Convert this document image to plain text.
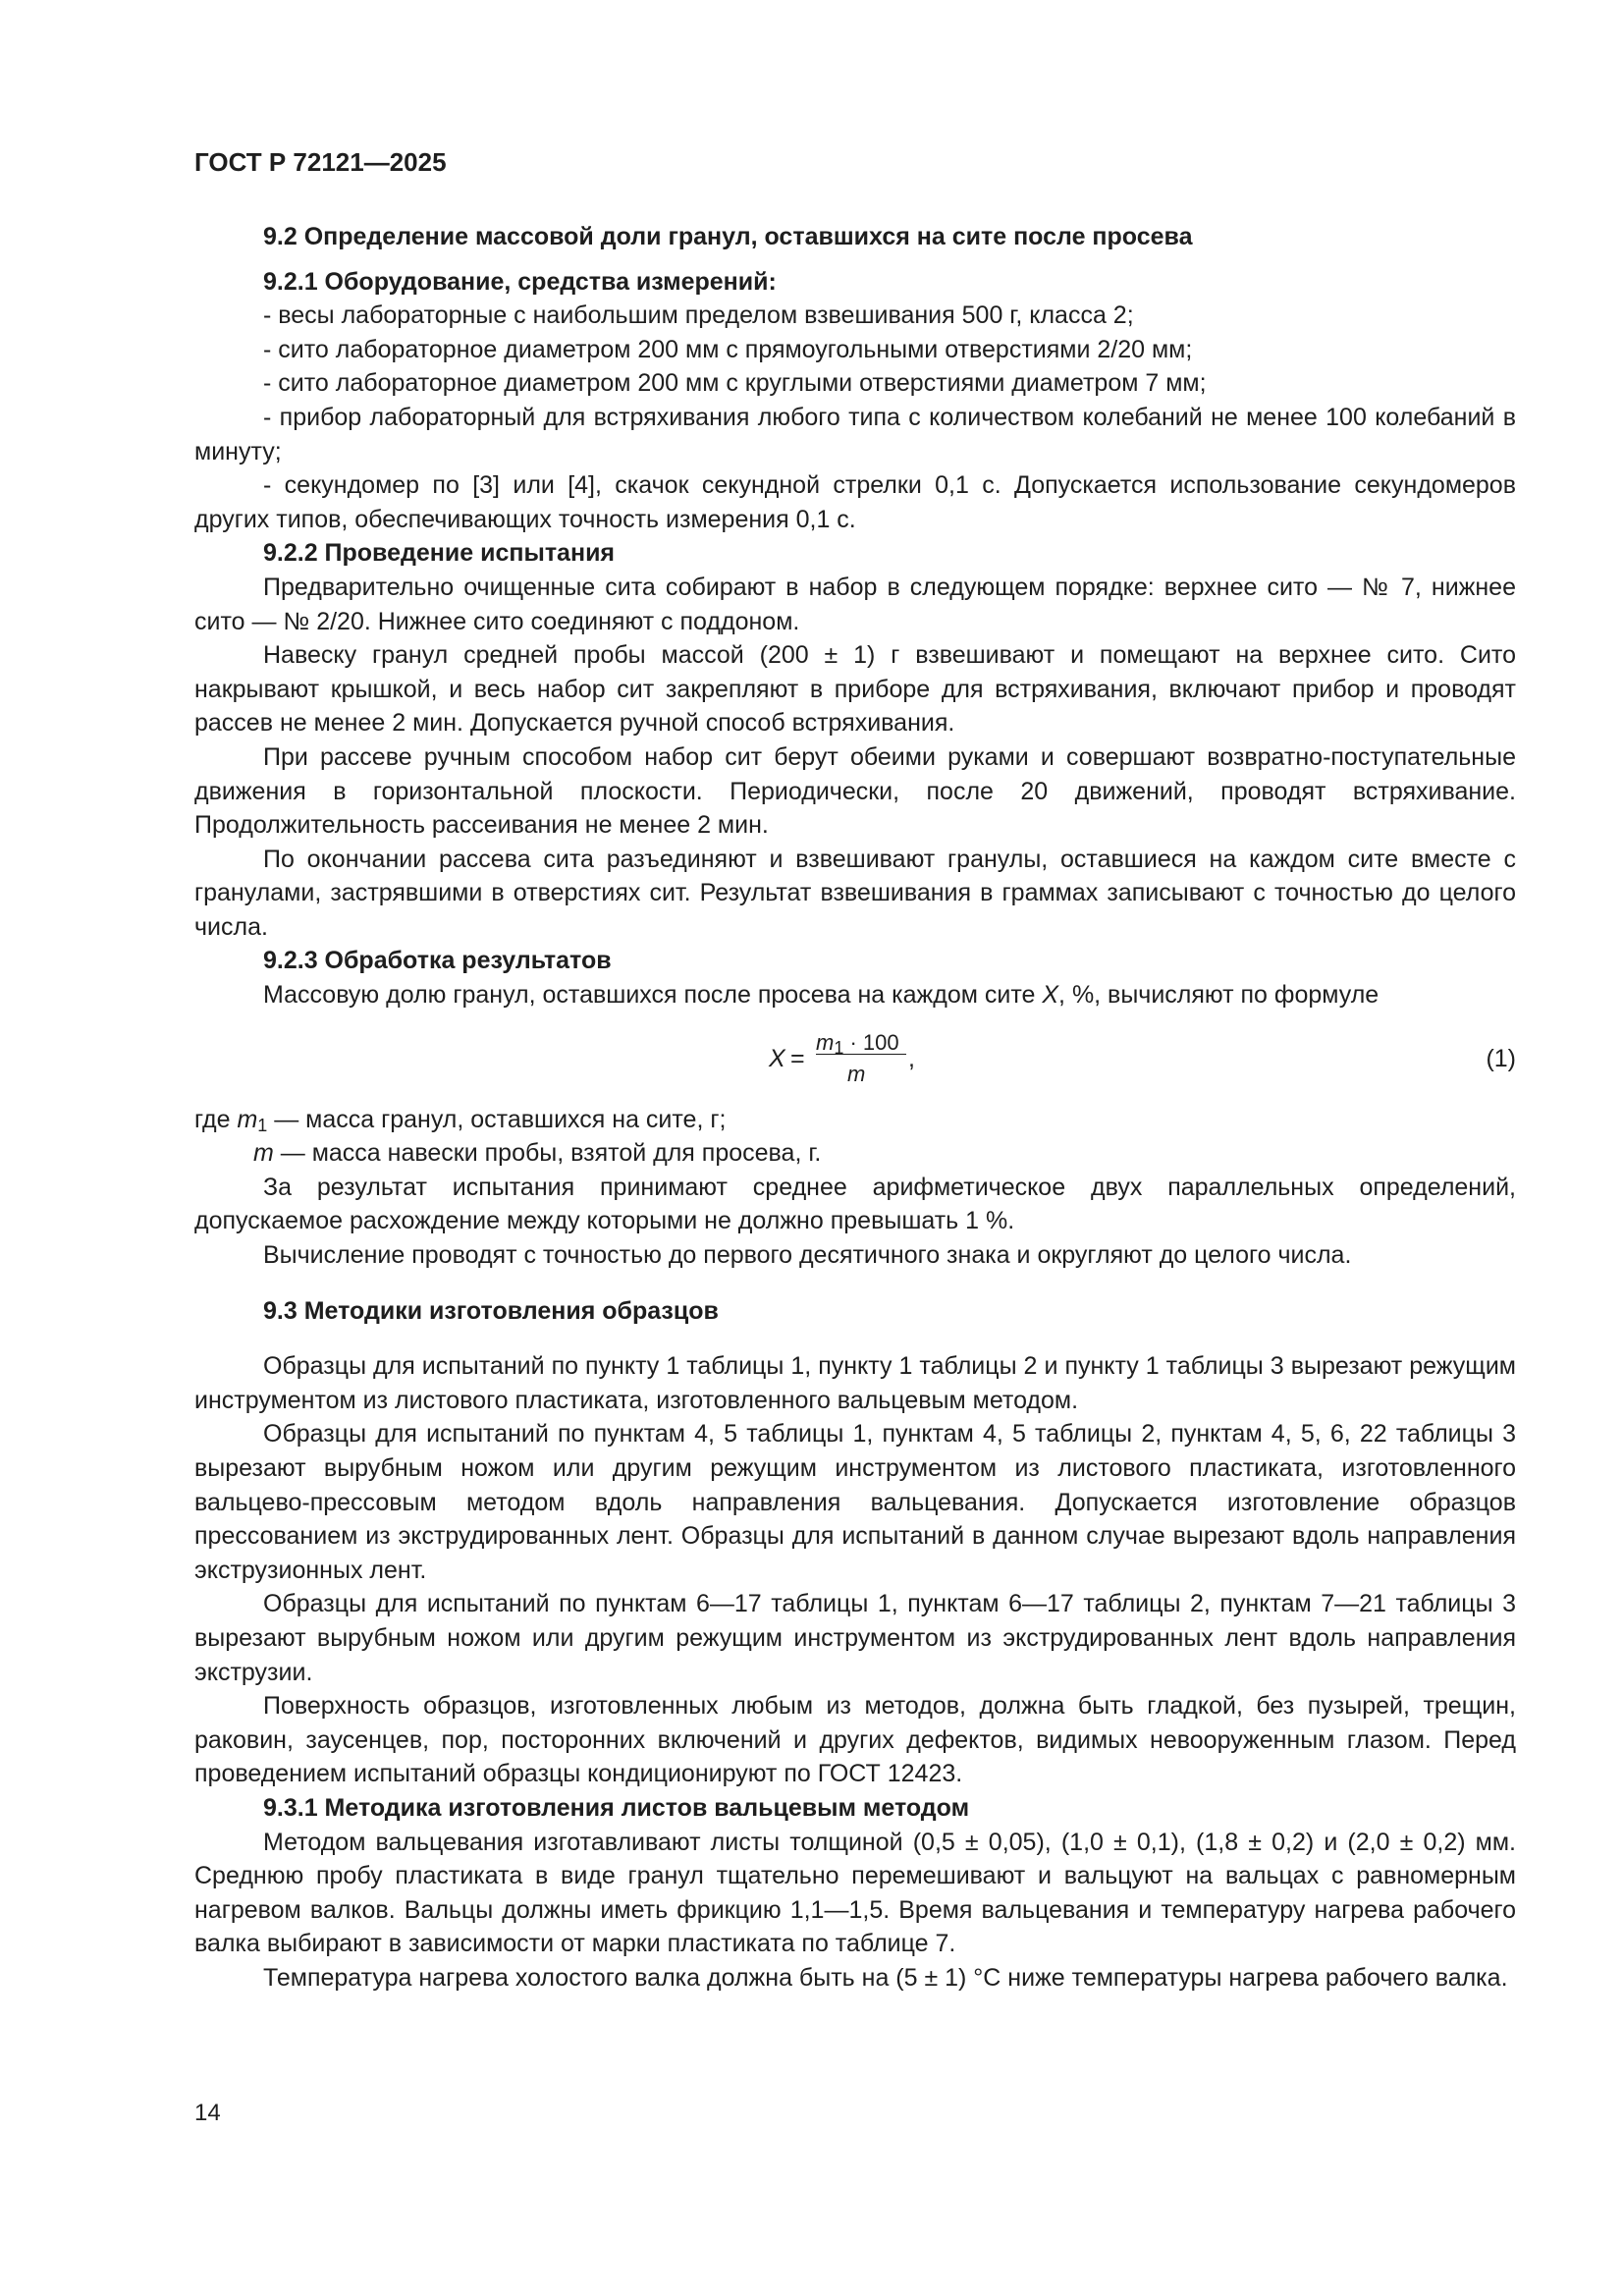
ГОСТ Р 72121—2025

9.2 Определение массовой доли гранул, оставшихся на сите после просева

9.2.1 Оборудование, средства измерений:

- весы лабораторные с наибольшим пределом взвешивания 500 г, класса 2;

- сито лабораторное диаметром 200 мм с прямоугольными отверстиями 2/20 мм;

- сито лабораторное диаметром 200 мм с круглыми отверстиями диаметром 7 мм;

- прибор лабораторный для встряхивания любого типа с количеством колебаний не менее 100 колебаний в минуту;

- секундомер по [3] или [4], скачок секундной стрелки 0,1 с. Допускается использование секундомеров других типов, обеспечивающих точность измерения 0,1 с.

9.2.2 Проведение испытания

Предварительно очищенные сита собирают в набор в следующем порядке: верхнее сито — № 7, нижнее сито — № 2/20. Нижнее сито соединяют с поддоном.

Навеску гранул средней пробы массой (200 ± 1) г взвешивают и помещают на верхнее сито. Сито накрывают крышкой, и весь набор сит закрепляют в приборе для встряхивания, включают прибор и проводят рассев не менее 2 мин. Допускается ручной способ встряхивания.

При рассеве ручным способом набор сит берут обеими руками и совершают возвратно-поступательные движения в горизонтальной плоскости. Периодически, после 20 движений, проводят встряхивание. Продолжительность рассеивания не менее 2 мин.

По окончании рассева сита разъединяют и взвешивают гранулы, оставшиеся на каждом сите вместе с гранулами, застрявшими в отверстиях сит. Результат взвешивания в граммах записывают с точностью до целого числа.

9.2.3 Обработка результатов

Массовую долю гранул, оставшихся после просева на каждом сите X, %, вычисляют по формуле

X =
$m_1 \cdot 100$
m
,	(1)

где $m_1$ — масса гранул, оставшихся на сите, г;

m — масса навески пробы, взятой для просева, г.

За результат испытания принимают среднее арифметическое двух параллельных определений, допускаемое расхождение между которыми не должно превышать 1 %.

Вычисление проводят с точностью до первого десятичного знака и округляют до целого числа.

9.3 Методики изготовления образцов

Образцы для испытаний по пункту 1 таблицы 1, пункту 1 таблицы 2 и пункту 1 таблицы 3 вырезают режущим инструментом из листового пластиката, изготовленного вальцевым методом.

Образцы для испытаний по пунктам 4, 5 таблицы 1, пунктам 4, 5 таблицы 2, пунктам 4, 5, 6, 22 таблицы 3 вырезают вырубным ножом или другим режущим инструментом из листового пластиката, изготовленного вальцево-прессовым методом вдоль направления вальцевания. Допускается изготовление образцов прессованием из экструдированных лент. Образцы для испытаний в данном случае вырезают вдоль направления экструзионных лент.

Образцы для испытаний по пунктам 6—17 таблицы 1, пунктам 6—17 таблицы 2, пунктам 7—21 таблицы 3 вырезают вырубным ножом или другим режущим инструментом из экструдированных лент вдоль направления экструзии.

Поверхность образцов, изготовленных любым из методов, должна быть гладкой, без пузырей, трещин, раковин, заусенцев, пор, посторонних включений и других дефектов, видимых невооруженным глазом. Перед проведением испытаний образцы кондиционируют по ГОСТ 12423.

9.3.1 Методика изготовления листов вальцевым методом

Методом вальцевания изготавливают листы толщиной (0,5 ± 0,05), (1,0 ± 0,1), (1,8 ± 0,2) и (2,0 ± 0,2) мм. Среднюю пробу пластиката в виде гранул тщательно перемешивают и вальцуют на вальцах с равномерным нагревом валков. Вальцы должны иметь фрикцию 1,1—1,5. Время вальцевания и температуру нагрева рабочего валка выбирают в зависимости от марки пластиката по таблице 7.

Температура нагрева холостого валка должна быть на (5 ± 1) °С ниже температуры нагрева рабочего валка.

14
